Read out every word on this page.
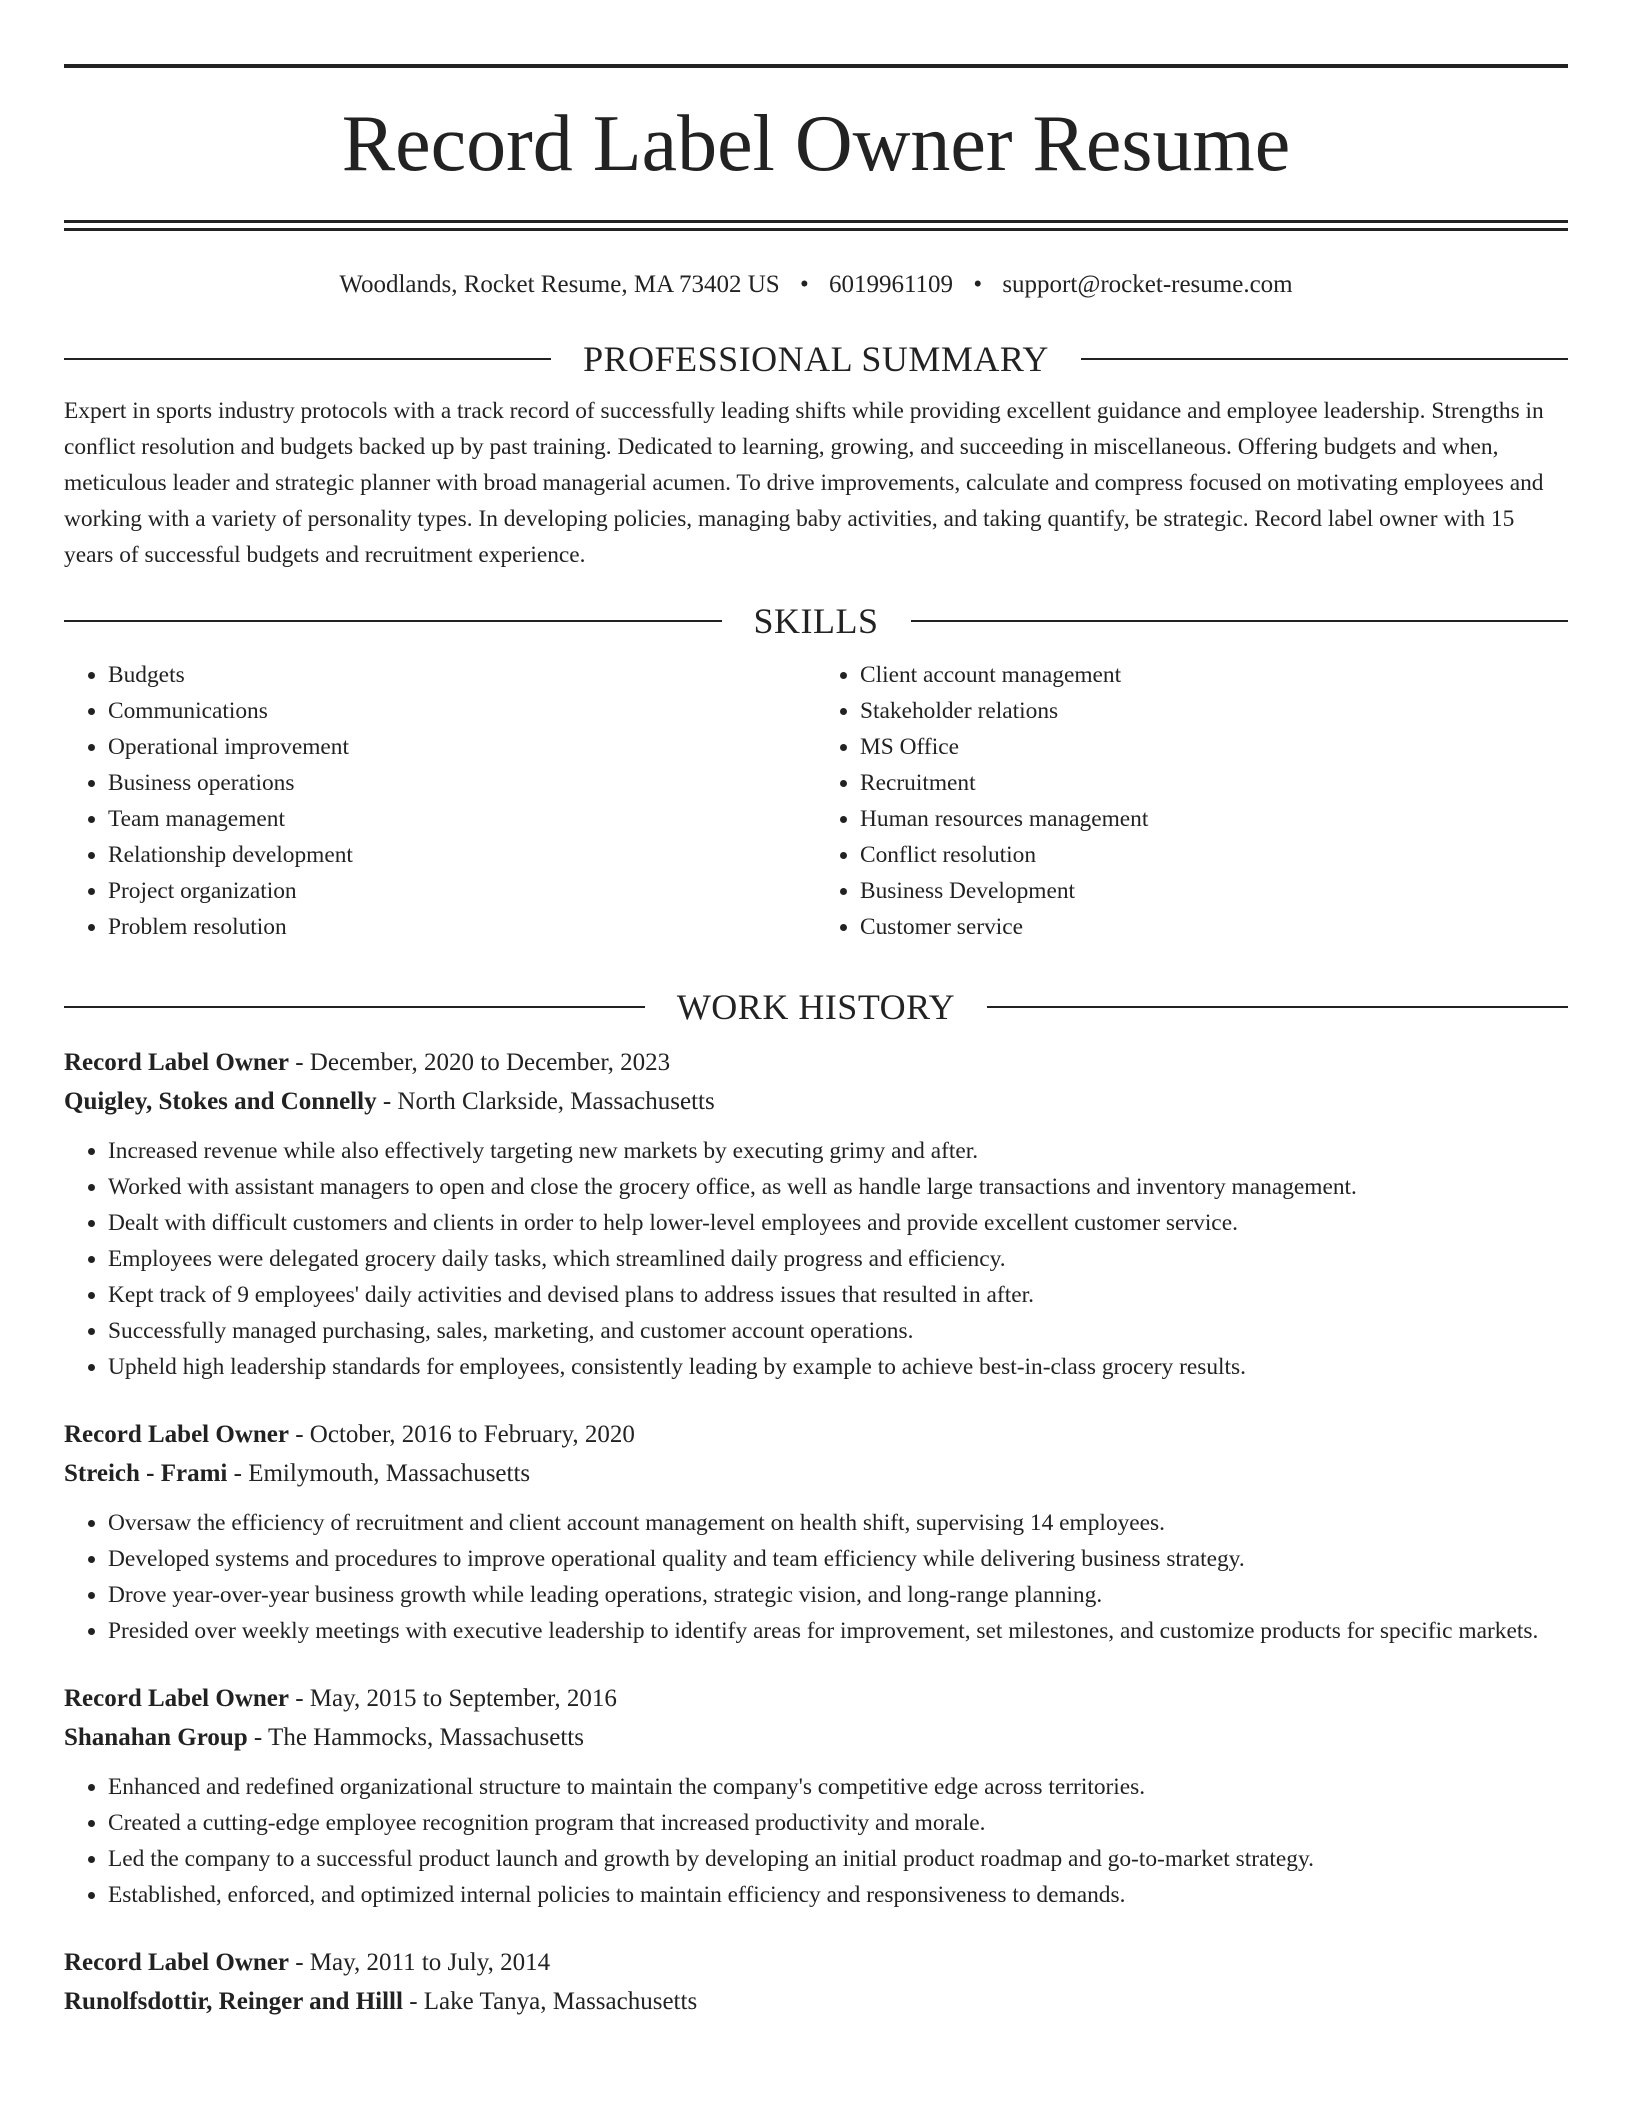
Record Label Owner Resume
Woodlands, Rocket Resume, MA 73402 US • 6019961109 • support@rocket-resume.com
PROFESSIONAL SUMMARY

Expert in sports industry protocols with a track record of successfully leading shifts while providing excellent guidance and employee leadership. Strengths in conflict resolution and budgets backed up by past training. Dedicated to learning, growing, and succeeding in miscellaneous. Offering budgets and when, meticulous leader and strategic planner with broad managerial acumen. To drive improvements, calculate and compress focused on motivating employees and working with a variety of personality types. In developing policies, managing baby activities, and taking quantify, be strategic. Record label owner with 15 years of successful budgets and recruitment experience.

SKILLS
• Budgets
• Communications
• Operational improvement
• Business operations
• Team management
• Relationship development
• Project organization
• Problem resolution
• Client account management
• Stakeholder relations
• MS Office
• Recruitment
• Human resources management
• Conflict resolution
• Business Development
• Customer service
WORK HISTORY
Record Label Owner - December, 2020 to December, 2023
Quigley, Stokes and Connelly - North Clarkside, Massachusetts
• Increased revenue while also effectively targeting new markets by executing grimy and after.
• Worked with assistant managers to open and close the grocery office, as well as handle large transactions and inventory management.
• Dealt with difficult customers and clients in order to help lower-level employees and provide excellent customer service.
• Employees were delegated grocery daily tasks, which streamlined daily progress and efficiency.
• Kept track of 9 employees' daily activities and devised plans to address issues that resulted in after.
• Successfully managed purchasing, sales, marketing, and customer account operations.
• Upheld high leadership standards for employees, consistently leading by example to achieve best-in-class grocery results.
Record Label Owner - October, 2016 to February, 2020
Streich - Frami - Emilymouth, Massachusetts
• Oversaw the efficiency of recruitment and client account management on health shift, supervising 14 employees.
• Developed systems and procedures to improve operational quality and team efficiency while delivering business strategy.
• Drove year-over-year business growth while leading operations, strategic vision, and long-range planning.
• Presided over weekly meetings with executive leadership to identify areas for improvement, set milestones, and customize products for specific markets.
Record Label Owner - May, 2015 to September, 2016
Shanahan Group - The Hammocks, Massachusetts
• Enhanced and redefined organizational structure to maintain the company's competitive edge across territories.
• Created a cutting-edge employee recognition program that increased productivity and morale.
• Led the company to a successful product launch and growth by developing an initial product roadmap and go-to-market strategy.
• Established, enforced, and optimized internal policies to maintain efficiency and responsiveness to demands.
Record Label Owner - May, 2011 to July, 2014
Runolfsdottir, Reinger and Hilll - Lake Tanya, Massachusetts
